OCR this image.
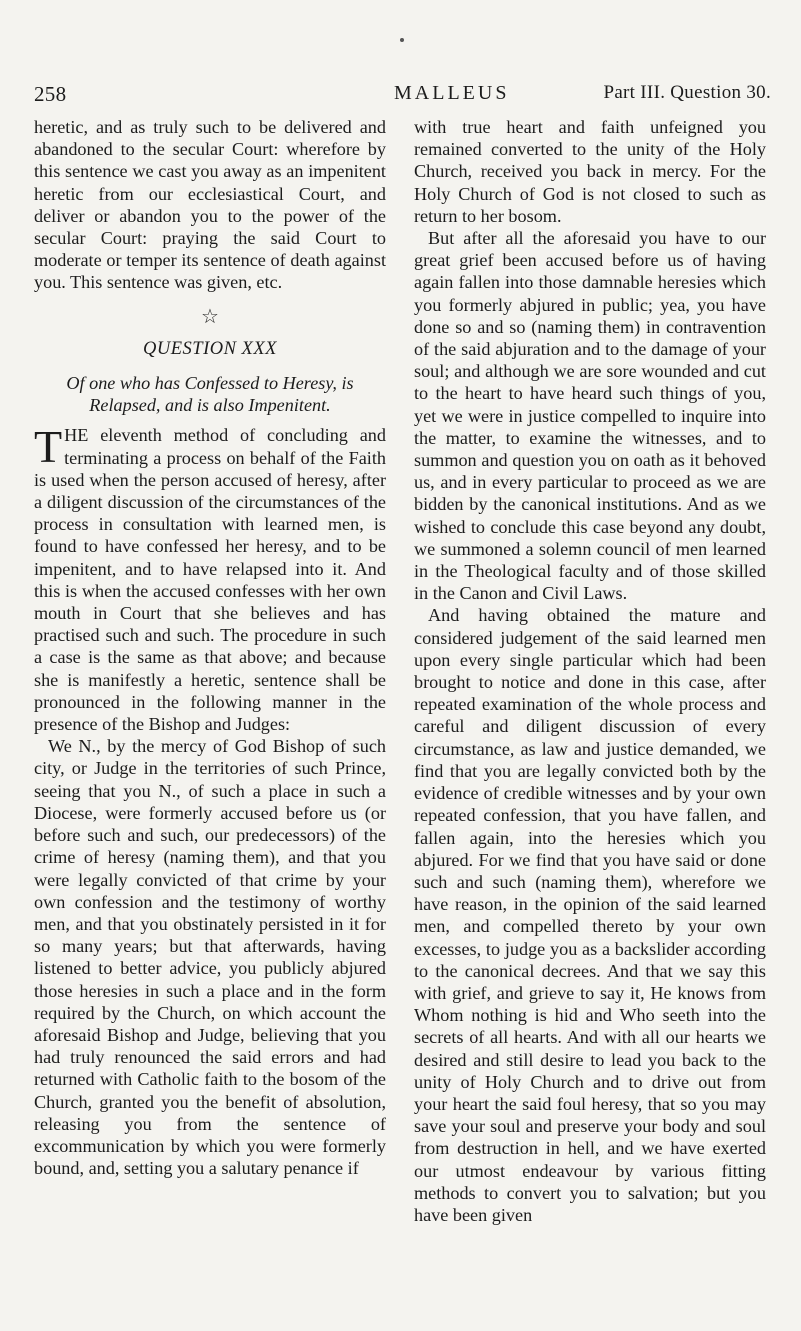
258	MALLEUS	Part III. Question 30.

heretic, and as truly such to be delivered and abandoned to the secular Court: wherefore by this sentence we cast you away as an impenitent heretic from our ecclesiastical Court, and deliver or abandon you to the power of the secular Court: praying the said Court to moderate or temper its sentence of death against you. This sentence was given, etc.

☆
QUESTION XXX

Of one who has Confessed to Heresy, is Relapsed, and is also Impenitent.

THE eleventh method of concluding and terminating a process on behalf of the Faith is used when the person accused of heresy, after a diligent discussion of the circumstances of the process in consultation with learned men, is found to have confessed her heresy, and to be impenitent, and to have relapsed into it. And this is when the accused confesses with her own mouth in Court that she believes and has practised such and such. The procedure in such a case is the same as that above; and because she is manifestly a heretic, sentence shall be pronounced in the following manner in the presence of the Bishop and Judges:

We N., by the mercy of God Bishop of such city, or Judge in the territories of such Prince, seeing that you N., of such a place in such a Diocese, were formerly accused before us (or before such and such, our predecessors) of the crime of heresy (naming them), and that you were legally convicted of that crime by your own confession and the testimony of worthy men, and that you obstinately persisted in it for so many years; but that afterwards, having listened to better advice, you publicly abjured those heresies in such a place and in the form required by the Church, on which account the aforesaid Bishop and Judge, believing that you had truly renounced the said errors and had returned with Catholic faith to the bosom of the Church, granted you the benefit of absolution, releasing you from the sentence of excommunication by which you were formerly bound, and, setting you a salutary penance if

with true heart and faith unfeigned you remained converted to the unity of the Holy Church, received you back in mercy. For the Holy Church of God is not closed to such as return to her bosom.

But after all the aforesaid you have to our great grief been accused before us of having again fallen into those damnable heresies which you formerly abjured in public; yea, you have done so and so (naming them) in contravention of the said abjuration and to the damage of your soul; and although we are sore wounded and cut to the heart to have heard such things of you, yet we were in justice compelled to inquire into the matter, to examine the witnesses, and to summon and question you on oath as it behoved us, and in every particular to proceed as we are bidden by the canonical institutions. And as we wished to conclude this case beyond any doubt, we summoned a solemn council of men learned in the Theological faculty and of those skilled in the Canon and Civil Laws.

And having obtained the mature and considered judgement of the said learned men upon every single particular which had been brought to notice and done in this case, after repeated examination of the whole process and careful and diligent discussion of every circumstance, as law and justice demanded, we find that you are legally convicted both by the evidence of credible witnesses and by your own repeated confession, that you have fallen, and fallen again, into the heresies which you abjured. For we find that you have said or done such and such (naming them), wherefore we have reason, in the opinion of the said learned men, and compelled thereto by your own excesses, to judge you as a backslider according to the canonical decrees. And that we say this with grief, and grieve to say it, He knows from Whom nothing is hid and Who seeth into the secrets of all hearts. And with all our hearts we desired and still desire to lead you back to the unity of Holy Church and to drive out from your heart the said foul heresy, that so you may save your soul and preserve your body and soul from destruction in hell, and we have exerted our utmost endeavour by various fitting methods to convert you to salvation; but you have been given
